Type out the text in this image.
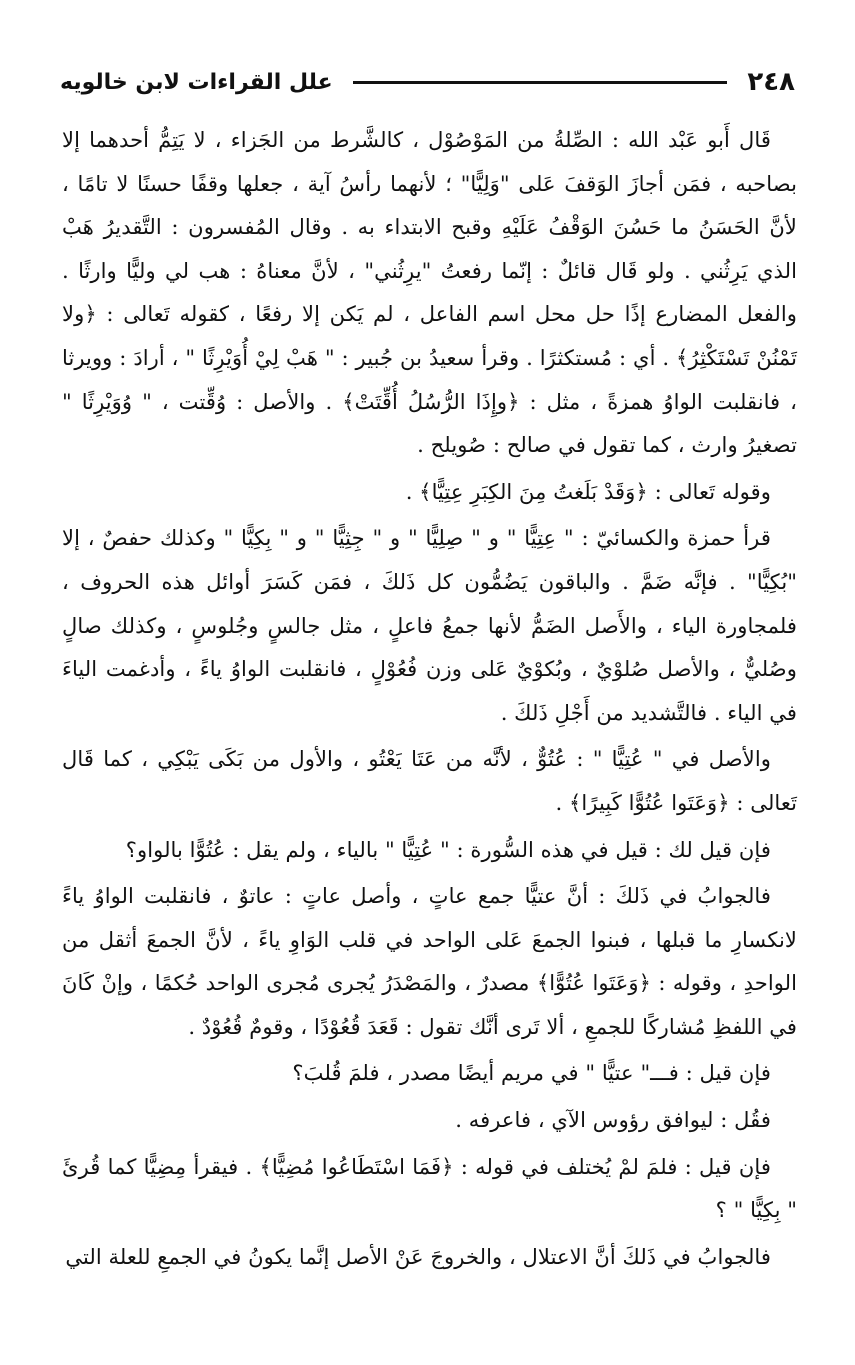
٢٤٨
علل القراءات لابن خالويه

قَال أَبو عَبْد الله : الصِّلةُ من المَوْصُوْل ، كالشَّرط من الجَزاء ، لا يَتِمُّ أحدهما إلا بصاحبه ، فمَن أجازَ الوَقفَ عَلى "وَلِيًّا" ؛ لأنهما رأسُ آية ، جعلها وقفًا حسنًا لا تامًا ، لأنَّ الحَسَنُ ما حَسُنَ الوَقْفُ عَلَيْهِ وقبح الابتداء به . وقال المُفسرون : التَّقديرُ هَبْ الذي يَرِثُني . ولو قَال قائلٌ : إنّما رفعتُ "يرِثُني" ، لأنَّ معناهُ : هب لي وليًّا وارثًا . والفعل المضارع إذًا حل محل اسم الفاعل ، لم يَكن إلا رفعًا ، كقوله تَعالى : ﴿ولا تَمْنُنْ تَسْتَكْثِرُ﴾ . أي : مُستكثرًا . وقرأ سعيدُ بن جُبير : " هَبْ لِيْ أُوَيْرِثًا " ، أرادَ : وويرثا ، فانقلبت الواوُ همزةً ، مثل : ﴿وإِذَا الرُّسُلُ أُقِّتَتْ﴾ . والأصل : وُقِّتت ، " وُوَيْرِثًا " تصغيرُ وارث ، كما تقول في صالح : صُويلح .

وقوله تَعالى : ﴿وَقَدْ بَلَغتُ مِنَ الكِبَرِ عِتِيًّا﴾ .

قرأ حمزة والكسائيّ : " عِتِيًّا " و " صِلِيًّا " و " جِثِيًّا " و " بِكِيًّا " وكذلك حفصٌ ، إلا "بُكِيًّا" . فإنَّه ضَمَّ . والباقون يَضُمُّون كل ذَلكَ ، فمَن كَسَرَ أوائل هذه الحروف ، فلمجاورة الياء ، والأَصل الضَمُّ لأنها جمعُ فاعلٍ ، مثل جالسٍ وجُلوسٍ ، وكذلك صالٍ وصُليٌّ ، والأصل صُلوْيٌ ، وبُكوْيٌ عَلى وزن فُعُوْلٍ ، فانقلبت الواوُ ياءً ، وأدغمت الياءَ في الياء . فالتَّشديد من أَجْلِ ذَلكَ .

والأصل في " عُتِيًّا " : عُتُوٌّ ، لأنَّه من عَتَا يَعْتُو ، والأول من بَكَى يَبْكِي ، كما قَال تَعالى : ﴿وَعَتَوا عُتُوًّا كَبِيرًا﴾ .

فإن قيل لك : قيل في هذه السُّورة : " عُتِيًّا " بالياء ، ولم يقل : عُتُوًّا بالواو؟

فالجوابُ في ذَلكَ : أنَّ عتيًّا جمع عاتٍ ، وأصل عاتٍ : عاتوٌ ، فانقلبت الواوُ ياءً لانكسارِ ما قبلها ، فبنوا الجمعَ عَلى الواحد في قلب الوَاوِ ياءً ، لأنَّ الجمعَ أثقل من الواحدِ ، وقوله : ﴿وَعَتَوا عُتُوًّا﴾ مصدرٌ ، والمَصْدَرُ يُجرى مُجرى الواحد حُكمًا ، وإنْ كَانَ في اللفظِ مُشاركًا للجمعِ ، ألا تَرى أنَّك تقول : قَعَدَ قُعُوْدًا ، وقومٌ قُعُوْدٌ .

فإن قيل : فـــ" عتيًّا " في مريم أيضًا مصدر ، فلمَ قُلبَ؟

فقُل : ليوافق رؤوس الآي ، فاعرفه .

فإن قيل : فلمَ لمْ يُختلف في قوله : ﴿فَمَا اسْتَطَاعُوا مُضِيًّا﴾ . فيقرأ مِضِيًّا كما قُرئَ " بِكِيًّا " ؟

فالجوابُ في ذَلكَ أنَّ الاعتلال ، والخروجَ عَنْ الأصل إنَّما يكونُ في الجمعِ للعلة التي
